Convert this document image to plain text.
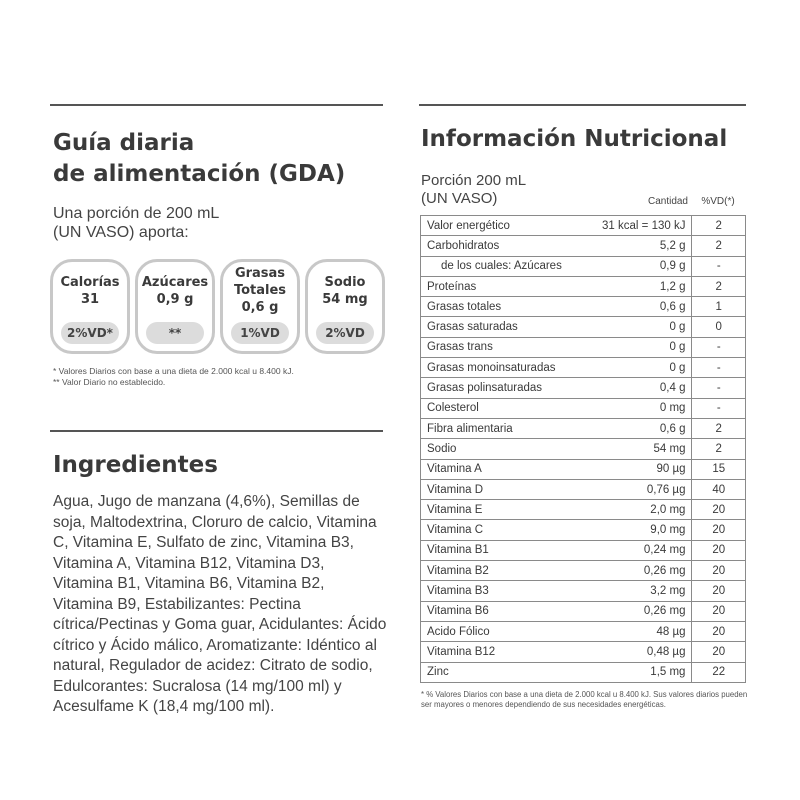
Guía diaria
de alimentación (GDA)
Una porción de 200 mL
(UN VASO) aporta:
Calorías
31
2%VD*
Azúcares
0,9 g
**
Grasas
Totales
0,6 g
1%VD
Sodio
54 mg
2%VD
* Valores Diarios con base a una dieta de 2.000 kcal u 8.400 kJ.
** Valor Diario no establecido.
Ingredientes
Agua, Jugo de manzana (4,6%), Semillas de soja, Maltodextrina, Cloruro de calcio, Vitamina C, Vitamina E, Sulfato de zinc, Vitamina B3, Vitamina A, Vitamina B12, Vitamina D3, Vitamina B1, Vitamina B6, Vitamina B2, Vitamina B9, Estabilizantes: Pectina cítrica/Pectinas y Goma guar, Acidulantes: Ácido cítrico y Ácido málico, Aromatizante: Idéntico al natural, Regulador de acidez: Citrato de sodio, Edulcorantes: Sucralosa (14 mg/100 ml) y Acesulfame K (18,4 mg/100 ml).
Información Nutricional
Porción 200 mL
(UN VASO)	Cantidad	%VD(*)
Valor energético	31 kcal = 130 kJ	2
Carbohidratos	5,2 g	2
de los cuales: Azúcares	0,9 g	-
Proteínas	1,2 g	2
Grasas totales	0,6 g	1
Grasas saturadas	0 g	0
Grasas trans	0 g	-
Grasas monoinsaturadas	0 g	-
Grasas polinsaturadas	0,4 g	-
Colesterol	0 mg	-
Fibra alimentaria	0,6 g	2
Sodio	54 mg	2
Vitamina A	90 µg	15
Vitamina D	0,76 µg	40
Vitamina E	2,0 mg	20
Vitamina C	9,0 mg	20
Vitamina B1	0,24 mg	20
Vitamina B2	0,26 mg	20
Vitamina B3	3,2 mg	20
Vitamina B6	0,26 mg	20
Acido Fólico	48 µg	20
Vitamina B12	0,48 µg	20
Zinc	1,5 mg	22
* % Valores Diarios con base a una dieta de 2.000 kcal u 8.400 kJ. Sus valores diarios pueden ser mayores o menores dependiendo de sus necesidades energéticas.
